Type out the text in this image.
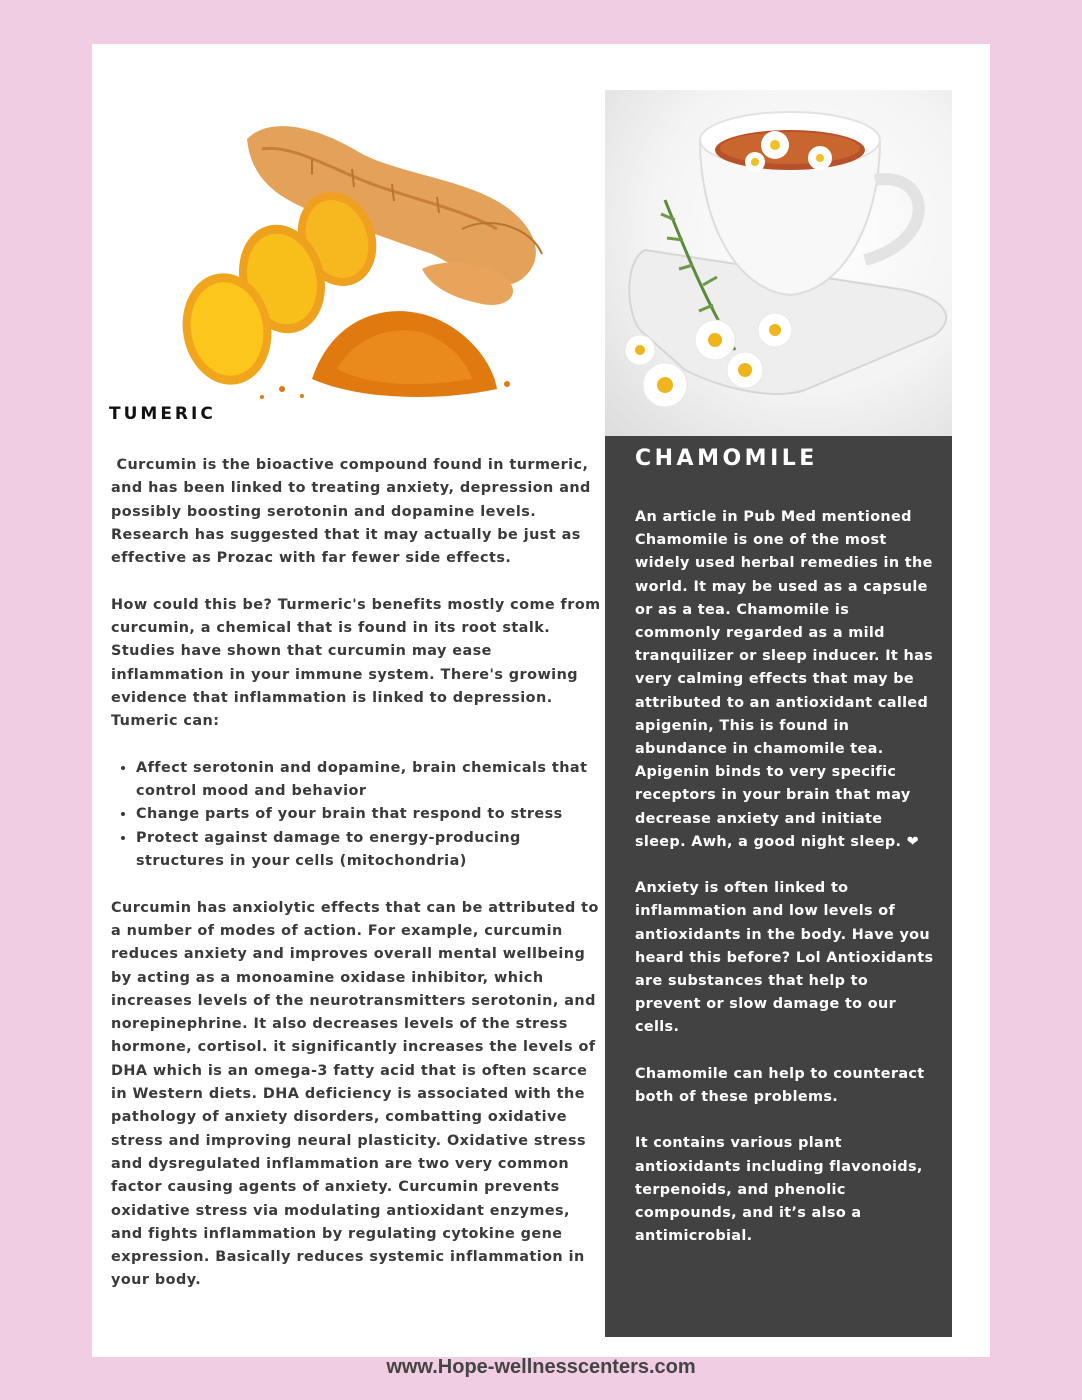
TUMERIC

Curcumin is the bioactive compound found in turmeric, and has been linked to treating anxiety, depression and possibly boosting serotonin and dopamine levels. Research has suggested that it may actually be just as effective as Prozac with far fewer side effects.

How could this be? Turmeric's benefits mostly come from curcumin, a chemical that is found in its root stalk. Studies have shown that curcumin may ease inflammation in your immune system. There's growing evidence that inflammation is linked to depression. Tumeric can:

• Affect serotonin and dopamine, brain chemicals that control mood and behavior
• Change parts of your brain that respond to stress
• Protect against damage to energy-producing structures in your cells (mitochondria)

Curcumin has anxiolytic effects that can be attributed to a number of modes of action. For example, curcumin reduces anxiety and improves overall mental wellbeing by acting as a monoamine oxidase inhibitor, which increases levels of the neurotransmitters serotonin, and norepinephrine. It also decreases levels of the stress hormone, cortisol. it significantly increases the levels of DHA which is an omega-3 fatty acid that is often scarce in Western diets. DHA deficiency is associated with the pathology of anxiety disorders, combatting oxidative stress and improving neural plasticity. Oxidative stress and dysregulated inflammation are two very common factor causing agents of anxiety. Curcumin prevents oxidative stress via modulating antioxidant enzymes, and fights inflammation by regulating cytokine gene expression. Basically reduces systemic inflammation in your body.

CHAMOMILE

An article in Pub Med mentioned Chamomile is one of the most widely used herbal remedies in the world. It may be used as a capsule or as a tea. Chamomile is commonly regarded as a mild tranquilizer or sleep inducer. It has very calming effects that may be attributed to an antioxidant called apigenin, This is found in abundance in chamomile tea. Apigenin binds to very specific receptors in your brain that may decrease anxiety and initiate sleep. Awh, a good night sleep. ❤

Anxiety is often linked to inflammation and low levels of antioxidants in the body. Have you heard this before? Lol Antioxidants are substances that help to prevent or slow damage to our cells.

Chamomile can help to counteract both of these problems.

It contains various plant antioxidants including flavonoids, terpenoids, and phenolic compounds, and it’s also a antimicrobial.

www.Hope-wellnesscenters.com
